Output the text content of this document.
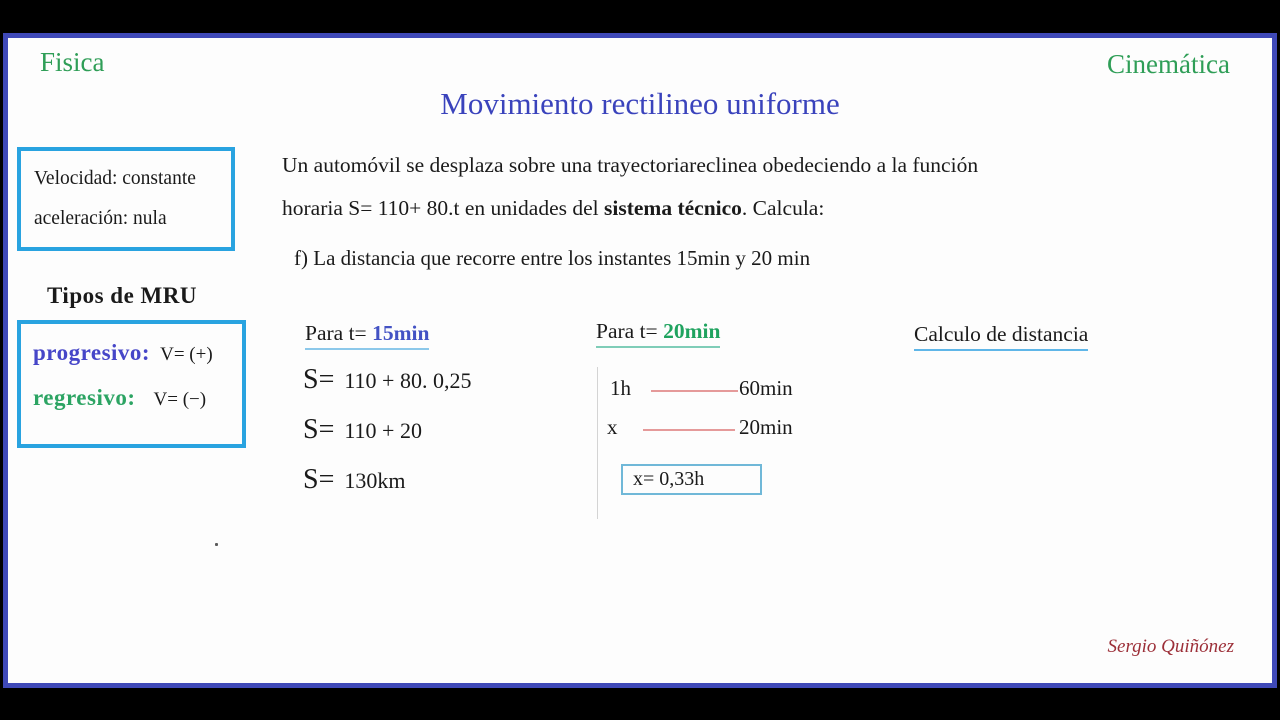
Fisica	Cinemática
Movimiento rectilineo uniforme
Velocidad: constante
aceleración: nula
Un automóvil se desplaza sobre una trayectoriareclinea obedeciendo a la función
horaria S= 110+ 80.t en unidades del sistema técnico. Calcula:
f) La distancia que recorre entre los instantes 15min y 20 min
Tipos de MRU
progresivo: V= (+)
regresivo: V= (−)
Para t= 15min	Para t= 20min	Calculo de distancia
S= 110 + 80. 0,25
S= 110 + 20
S= 130km
1h	60min
x	20min
x= 0,33h
Sergio Quiñónez
